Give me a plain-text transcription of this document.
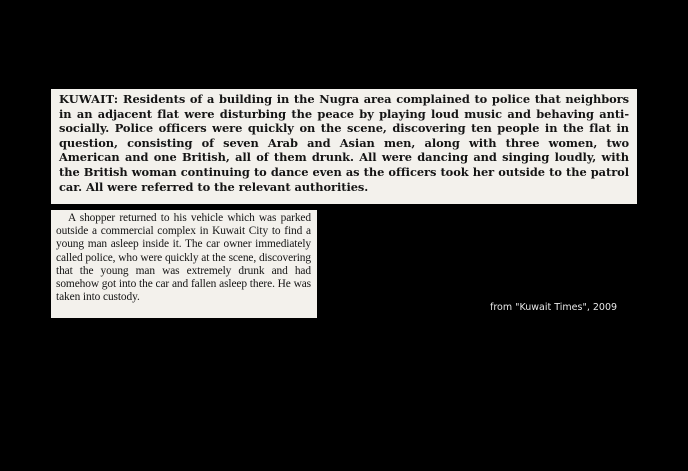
KUWAIT: Residents of a building in the Nugra area complained to police that neighbors in an adjacent flat were disturbing the peace by playing loud music and behaving anti-socially. Police officers were quickly on the scene, discovering ten people in the flat in question, consisting of seven Arab and Asian men, along with three women, two American and one British, all of them drunk. All were dancing and singing loudly, with the British woman continuing to dance even as the officers took her outside to the patrol car. All were referred to the relevant authorities.
A shopper returned to his vehicle which was parked outside a commercial complex in Kuwait City to find a young man asleep inside it. The car owner immediately called police, who were quickly at the scene, discovering that the young man was extremely drunk and had somehow got into the car and fallen asleep there. He was taken into custody.
from "Kuwait Times", 2009
